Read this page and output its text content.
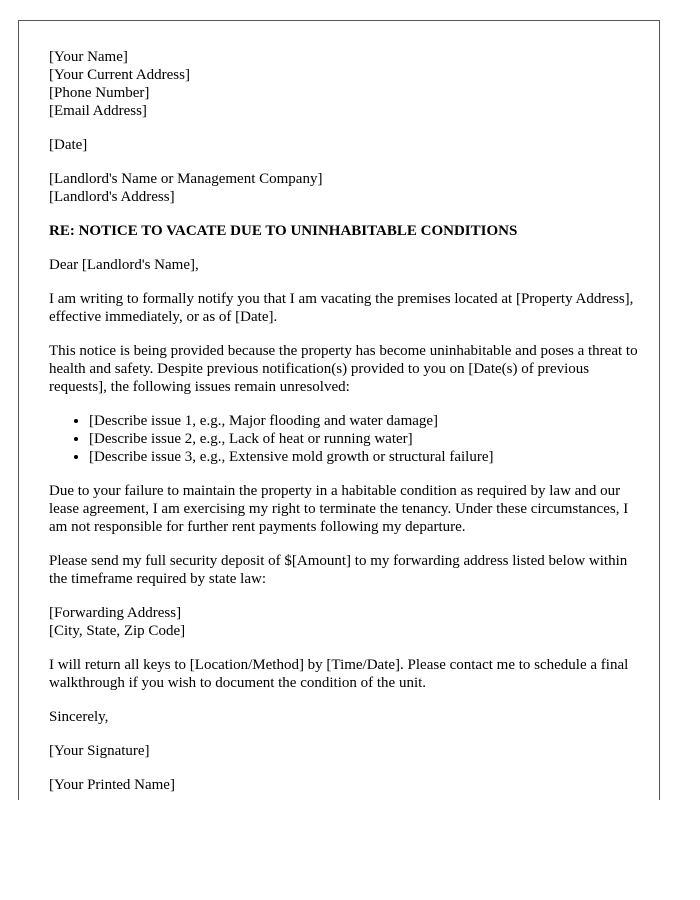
[Your Name]
[Your Current Address]
[Phone Number]
[Email Address]
[Date]
[Landlord's Name or Management Company]
[Landlord's Address]
RE: NOTICE TO VACATE DUE TO UNINHABITABLE CONDITIONS

Dear [Landlord's Name],

I am writing to formally notify you that I am vacating the premises located at [Property Address], effective immediately, or as of [Date].

This notice is being provided because the property has become uninhabitable and poses a threat to health and safety. Despite previous notification(s) provided to you on [Date(s) of previous requests], the following issues remain unresolved:

• [Describe issue 1, e.g., Major flooding and water damage]
• [Describe issue 2, e.g., Lack of heat or running water]
• [Describe issue 3, e.g., Extensive mold growth or structural failure]

Due to your failure to maintain the property in a habitable condition as required by law and our lease agreement, I am exercising my right to terminate the tenancy. Under these circumstances, I am not responsible for further rent payments following my departure.

Please send my full security deposit of $[Amount] to my forwarding address listed below within the timeframe required by state law:

[Forwarding Address]
[City, State, Zip Code]

I will return all keys to [Location/Method] by [Time/Date]. Please contact me to schedule a final walkthrough if you wish to document the condition of the unit.

Sincerely,

[Your Signature]

[Your Printed Name]
